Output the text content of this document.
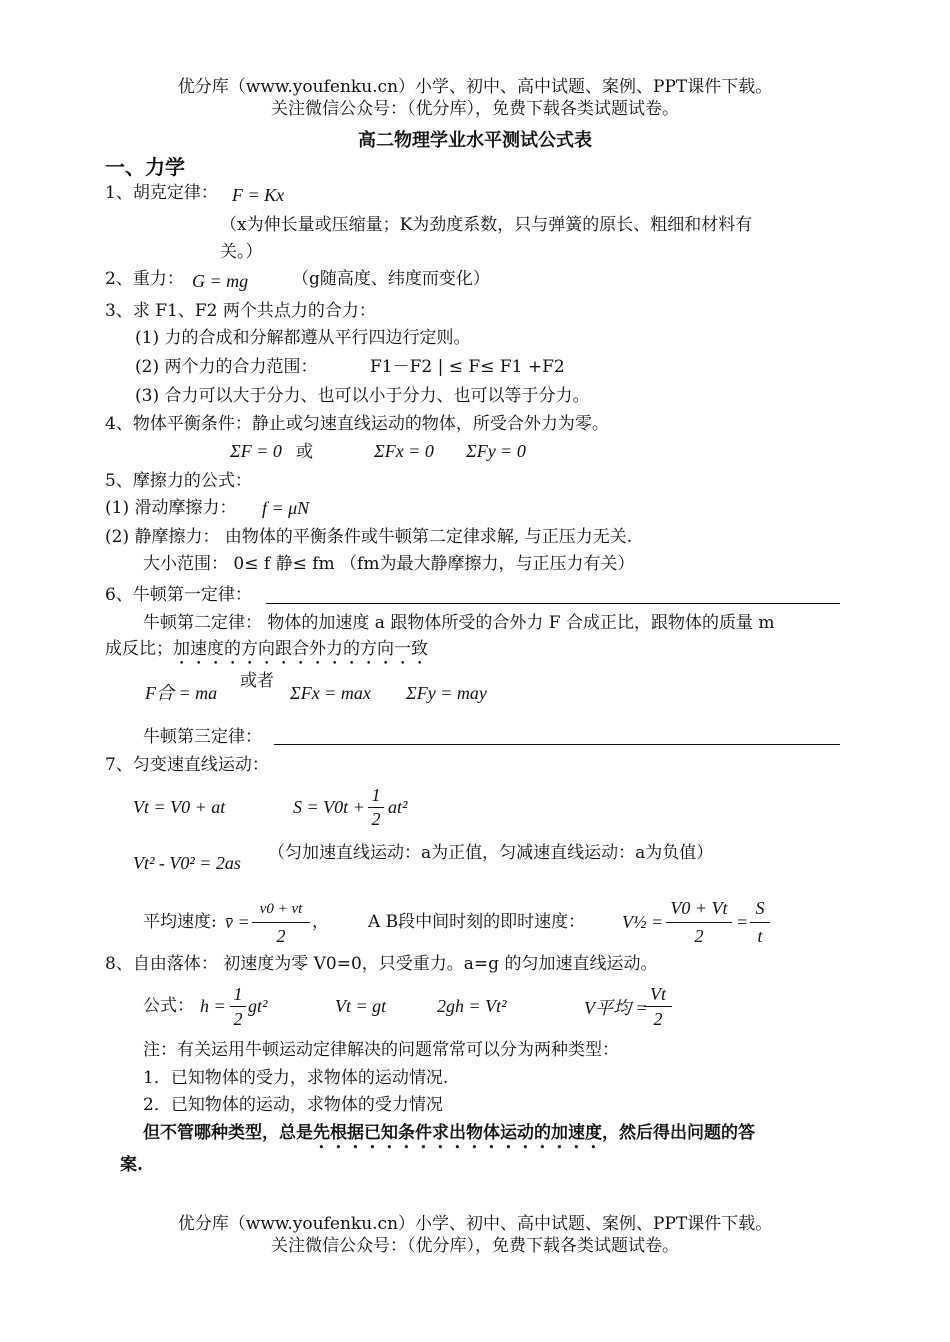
优分库（www.youfenku.cn）小学、初中、高中试题、案例、PPT课件下载。
关注微信公众号：（优分库），免费下载各类试题试卷。
高二物理学业水平测试公式表
一、力学
1、胡克定律： F = Kx
（x为伸长量或压缩量；K为劲度系数，只与弹簧的原长、粗细和材料有
关。）
2、重力： G = mg	（g随高度、纬度而变化）
3、求 F1、F2 两个共点力的合力：
(1) 力的合成和分解都遵从平行四边行定则。
(2) 两个力的合力范围：	F1－F2 | ≤ F≤ F1 +F2
(3) 合力可以大于分力、也可以小于分力、也可以等于分力。
4、物体平衡条件：静止或匀速直线运动的物体，所受合外力为零。
ΣF = 0 或	ΣFx = 0 ΣFy = 0
5、摩擦力的公式：
(1) 滑动摩擦力： f = μN
(2) 静摩擦力： 由物体的平衡条件或牛顿第二定律求解, 与正压力无关.
大小范围： 0≤ f 静≤ fm （fm为最大静摩擦力，与正压力有关）
6、牛顿第一定律：
牛顿第二定律： 物体的加速度 a 跟物体所受的合外力 F 合成正比，跟物体的质量 m
成反比；加速度的方向跟合外力的方向一致
F合 = ma
或者
ΣFx = max ΣFy = may
牛顿第三定律：
7、匀变速直线运动：
Vt = V0 + at	S = V0t +
1
2
at²
Vt² - V0² = 2as （匀加速直线运动：a为正值，匀减速直线运动：a为负值）
平均速度: v̄ =
v0 + vt
2
， A B段中间时刻的即时速度： V½ =
V0 + Vt
2
=
S
t
8、自由落体： 初速度为零 V0=0，只受重力。a=g 的匀加速直线运动。
公式： h =
1
2
gt²	Vt = gt	2gh = Vt²	V平均 =
Vt
2
注：有关运用牛顿运动定律解决的问题常常可以分为两种类型：
1．已知物体的受力，求物体的运动情况.
2．已知物体的运动，求物体的受力情况
但不管哪种类型，总是先根据已知条件求出物体运动的加速度，然后得出问题的答
案.
优分库（www.youfenku.cn）小学、初中、高中试题、案例、PPT课件下载。
关注微信公众号：（优分库），免费下载各类试题试卷。
